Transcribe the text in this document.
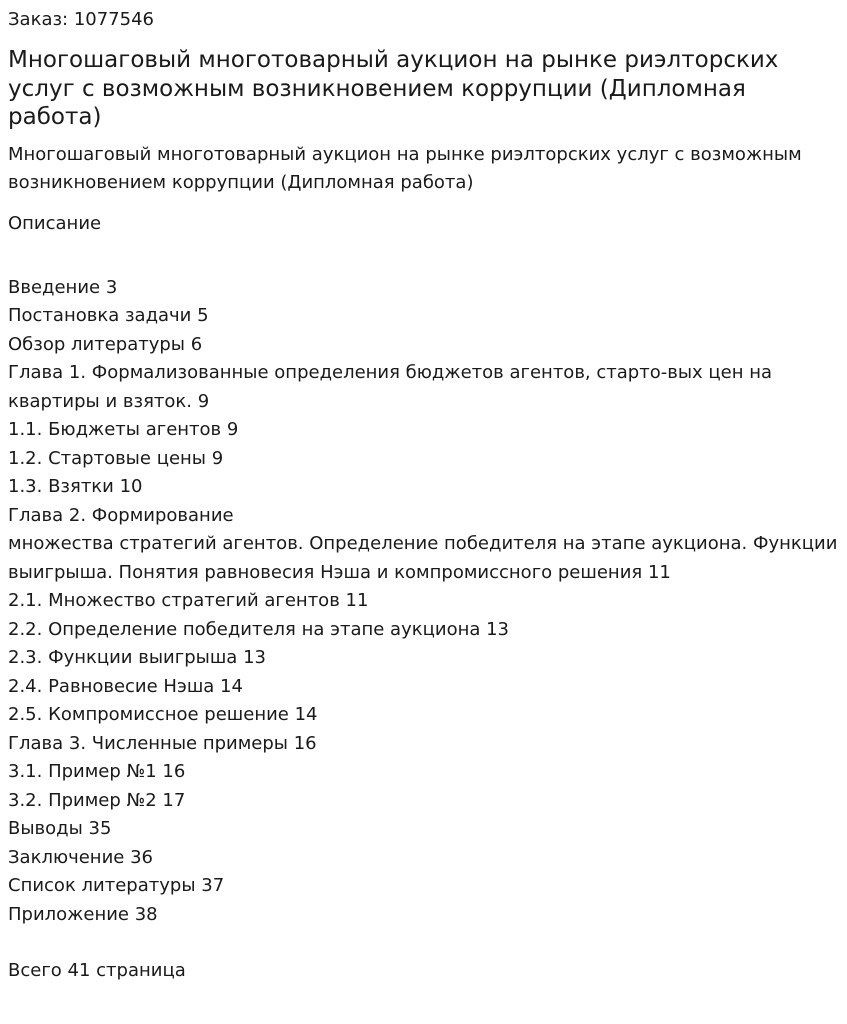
Заказ: 1077546
Многошаговый многотоварный аукцион на рынке риэлторских услуг с возможным возникновением коррупции (Дипломная работа)
Многошаговый многотоварный аукцион на рынке риэлторских услуг с возможным возникновением коррупции (Дипломная работа)
Описание
Введение 3
Постановка задачи 5
Обзор литературы 6
Глава 1. Формализованные определения бюджетов агентов, старто-вых цен на квартиры и взяток. 9
1.1. Бюджеты агентов 9
1.2. Стартовые цены 9
1.3. Взятки 10
Глава 2. Формирование
множества стратегий агентов. Определение победителя на этапе аукциона. Функции выигрыша. Понятия равновесия Нэша и компромиссного решения 11
2.1. Множество стратегий агентов 11
2.2. Определение победителя на этапе аукциона 13
2.3. Функции выигрыша 13
2.4. Равновесие Нэша 14
2.5. Компромиссное решение 14
Глава 3. Численные примеры 16
3.1. Пример №1 16
3.2. Пример №2 17
Выводы 35
Заключение 36
Список литературы 37
Приложение 38
Всего 41 страница
